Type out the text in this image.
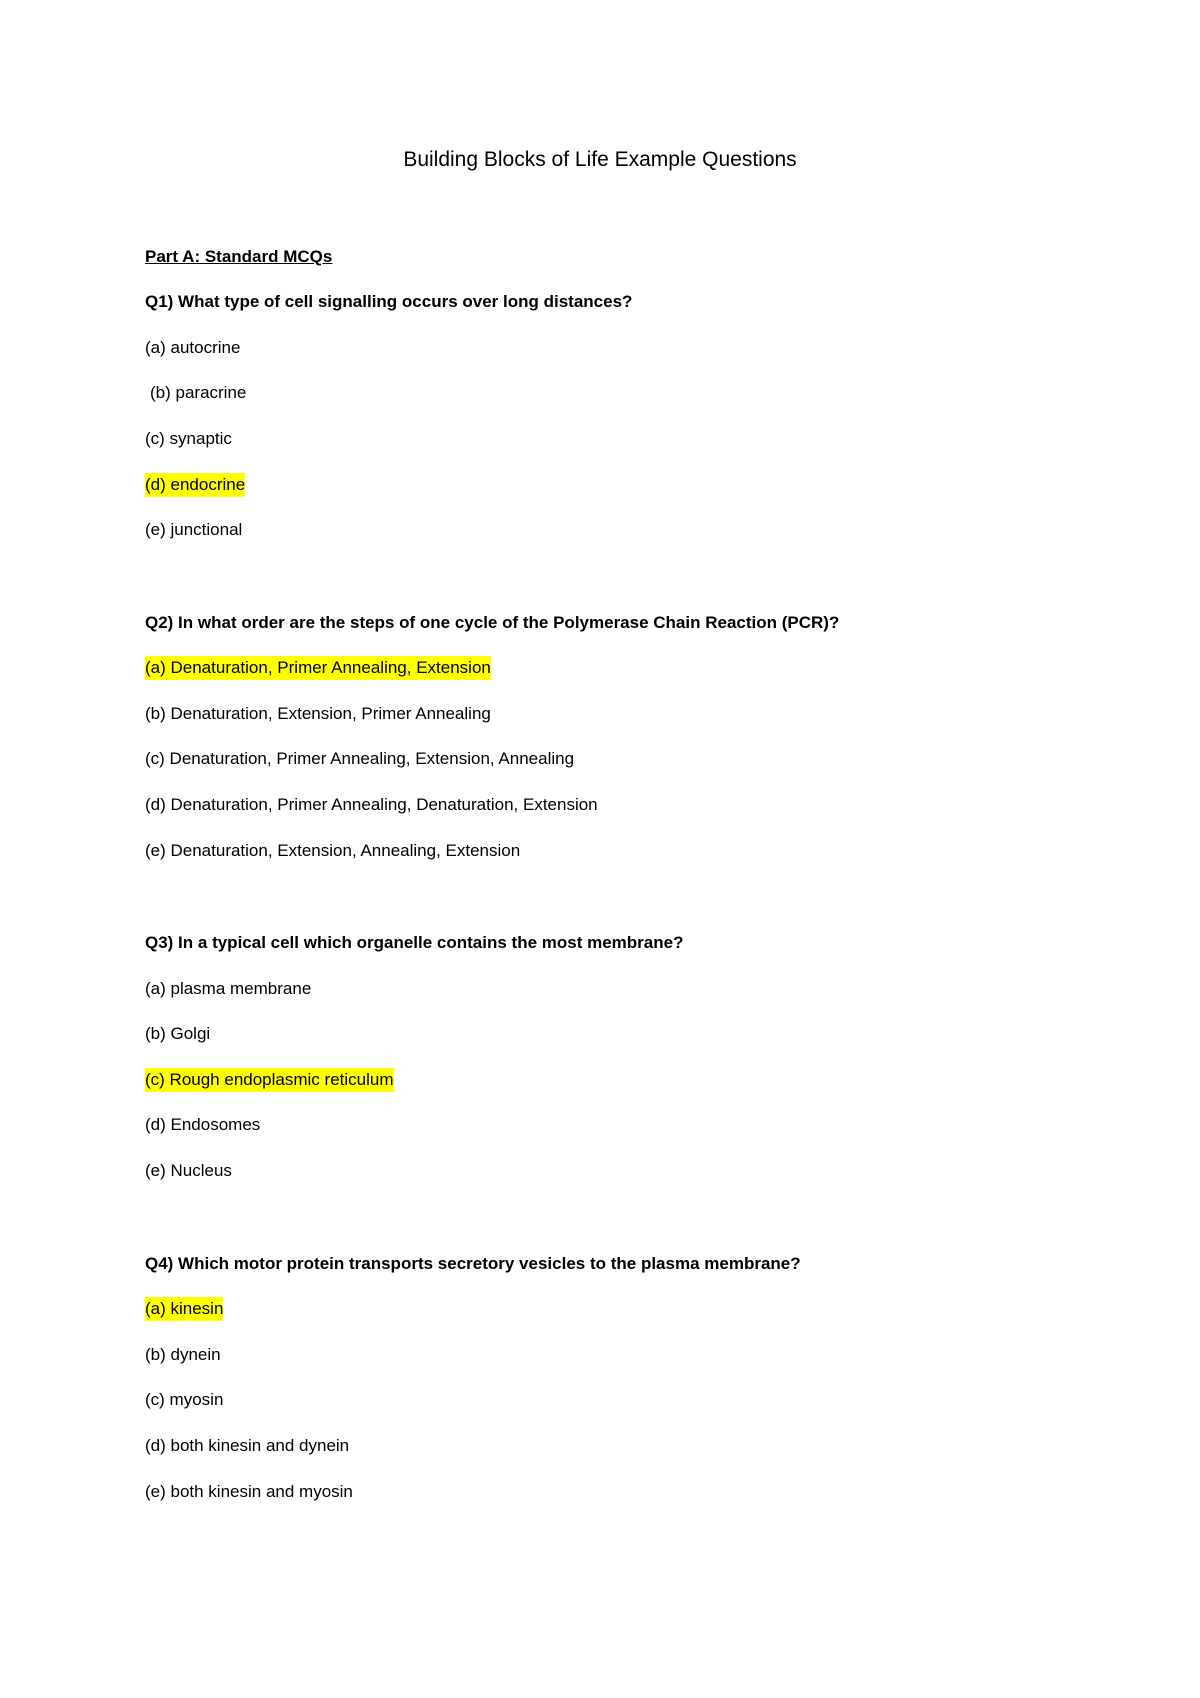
Building Blocks of Life Example Questions
Part A: Standard MCQs
Q1) What type of cell signalling occurs over long distances?
(a) autocrine
(b) paracrine
(c) synaptic
(d) endocrine
(e) junctional
Q2) In what order are the steps of one cycle of the Polymerase Chain Reaction (PCR)?
(a) Denaturation, Primer Annealing, Extension
(b) Denaturation, Extension, Primer Annealing
(c) Denaturation, Primer Annealing, Extension, Annealing
(d) Denaturation, Primer Annealing, Denaturation, Extension
(e) Denaturation, Extension, Annealing, Extension
Q3) In a typical cell which organelle contains the most membrane?
(a) plasma membrane
(b) Golgi
(c) Rough endoplasmic reticulum
(d) Endosomes
(e) Nucleus
Q4) Which motor protein transports secretory vesicles to the plasma membrane?
(a) kinesin
(b) dynein
(c) myosin
(d) both kinesin and dynein
(e) both kinesin and myosin
